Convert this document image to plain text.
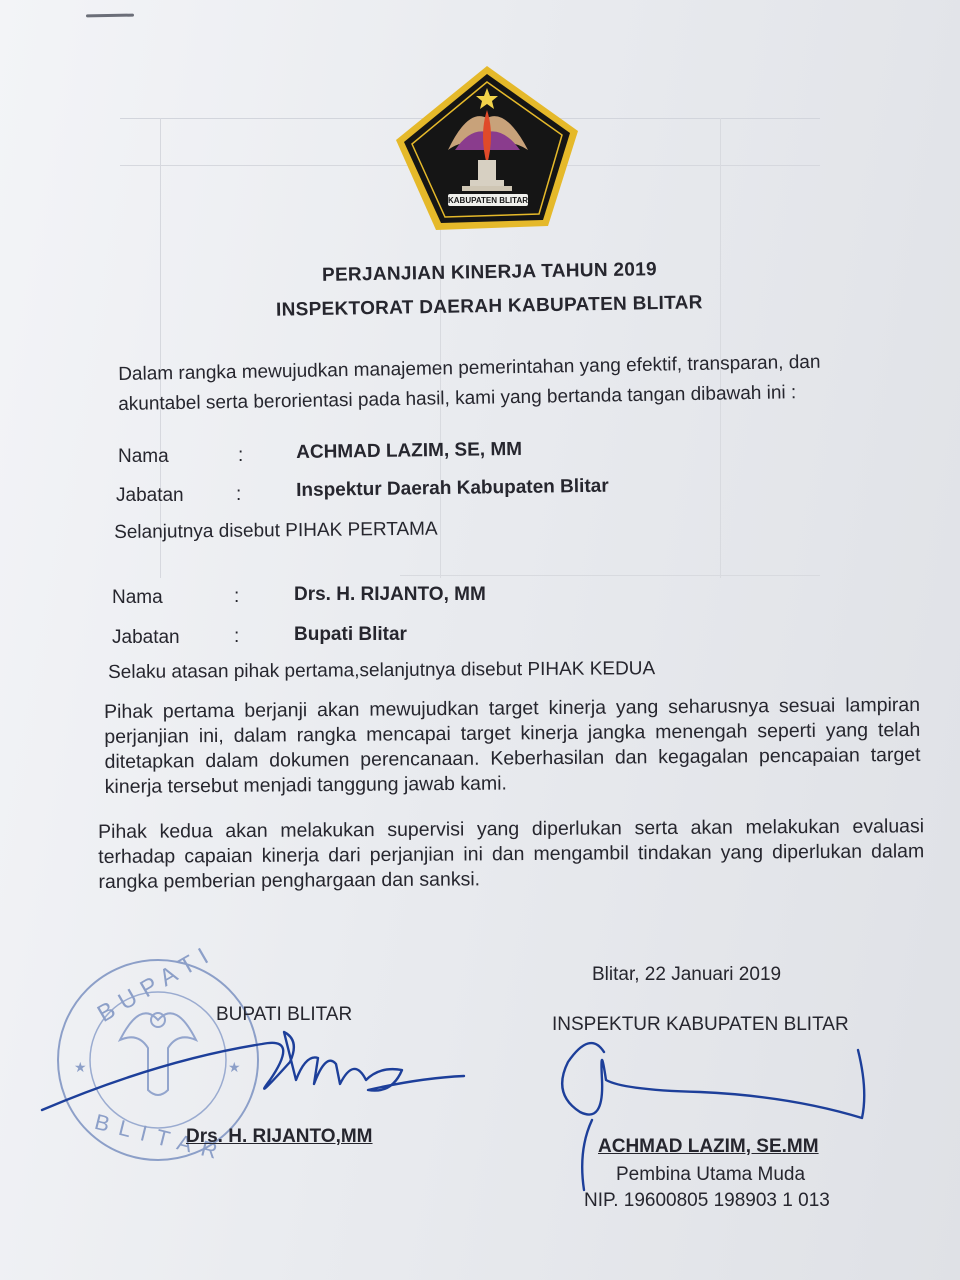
KABUPATEN BLITAR
PERJANJIAN KINERJA TAHUN 2019
INSPEKTORAT DAERAH KABUPATEN BLITAR
Dalam rangka mewujudkan manajemen pemerintahan yang efektif, transparan, dan
akuntabel serta berorientasi pada hasil, kami yang bertanda tangan dibawah ini :
Nama	:	ACHMAD LAZIM, SE, MM
Jabatan	:	Inspektur Daerah Kabupaten Blitar
Selanjutnya disebut PIHAK PERTAMA
Nama	:	Drs. H. RIJANTO, MM
Jabatan	:	Bupati Blitar
Selaku atasan pihak pertama,selanjutnya disebut PIHAK KEDUA
Pihak pertama berjanji akan mewujudkan target kinerja yang seharusnya sesuai lampiran perjanjian ini, dalam rangka mencapai target kinerja jangka menengah seperti yang telah ditetapkan dalam dokumen perencanaan. Keberhasilan dan kegagalan pencapaian target kinerja tersebut menjadi tanggung jawab kami.
Pihak kedua akan melakukan supervisi yang diperlukan serta akan melakukan evaluasi terhadap capaian kinerja dari perjanjian ini dan mengambil tindakan yang diperlukan dalam rangka pemberian penghargaan dan sanksi.
Blitar, 22 Januari 2019
★	★
BUPATI
BLITAR
BUPATI BLITAR
Drs. H. RIJANTO,MM
INSPEKTUR KABUPATEN BLITAR
ACHMAD LAZIM, SE.MM
Pembina Utama Muda
NIP. 19600805 198903 1 013
